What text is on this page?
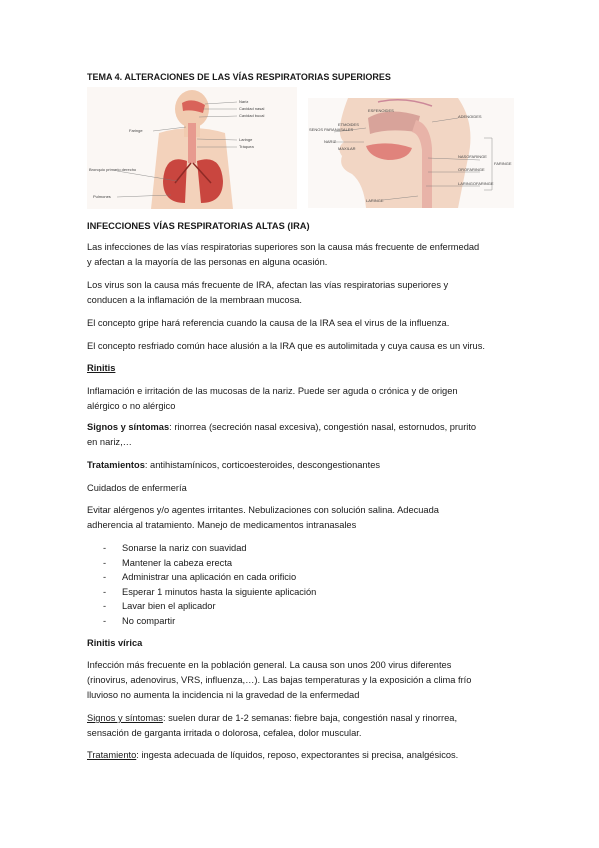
TEMA 4. ALTERACIONES DE LAS VÍAS RESPIRATORIAS SUPERIORES
Nariz
Cavidad nasal
Cavidad bucal
Faringe
Laringe
Tráquea
Bronquio primario derecho
Pulmones
SENOS PARANASALES
NARIZ
FARINGE
LARINGE
ESFENOIDES
ETMOIDES
MAXILAR
ADENOIDES
NASOFARINGE
OROFARINGE
LARINGOFARINGE
INFECCIONES VÍAS RESPIRATORIAS ALTAS (IRA)
Las infecciones de las vías respiratorias superiores son la causa más frecuente de enfermedad
y afectan a la mayoría de las personas en alguna ocasión.
Los virus son la causa más frecuente de IRA, afectan las vías respiratorias superiores y
conducen a la inflamación de la membraan mucosa.
El concepto gripe hará referencia cuando la causa de la IRA sea el virus de la influenza.
El concepto resfriado común hace alusión a la IRA que es autolimitada y cuya causa es un virus.
Rinitis
Inflamación e irritación de las mucosas de la nariz. Puede ser aguda o crónica y de origen
alérgico o no alérgico
Signos y síntomas: rinorrea (secreción nasal excesiva), congestión nasal, estornudos, prurito
en nariz,…
Tratamientos: antihistamínicos, corticoesteroides, descongestionantes
Cuidados de enfermería
Evitar alérgenos y/o agentes irritantes. Nebulizaciones con solución salina. Adecuada
adherencia al tratamiento. Manejo de medicamentos intranasales
- Sonarse la nariz con suavidad
- Mantener la cabeza erecta
- Administrar una aplicación en cada orificio
- Esperar 1 minutos hasta la siguiente aplicación
- Lavar bien el aplicador
- No compartir
Rinitis vírica
Infección más frecuente en la población general. La causa son unos 200 virus diferentes
(rinovirus, adenovirus, VRS, influenza,…). Las bajas temperaturas y la exposición a clima frío
lluvioso no aumenta la incidencia ni la gravedad de la enfermedad
Signos y síntomas: suelen durar de 1-2 semanas: fiebre baja, congestión nasal y rinorrea,
sensación de garganta irritada o dolorosa, cefalea, dolor muscular.
Tratamiento: ingesta adecuada de líquidos, reposo, expectorantes si precisa, analgésicos.
